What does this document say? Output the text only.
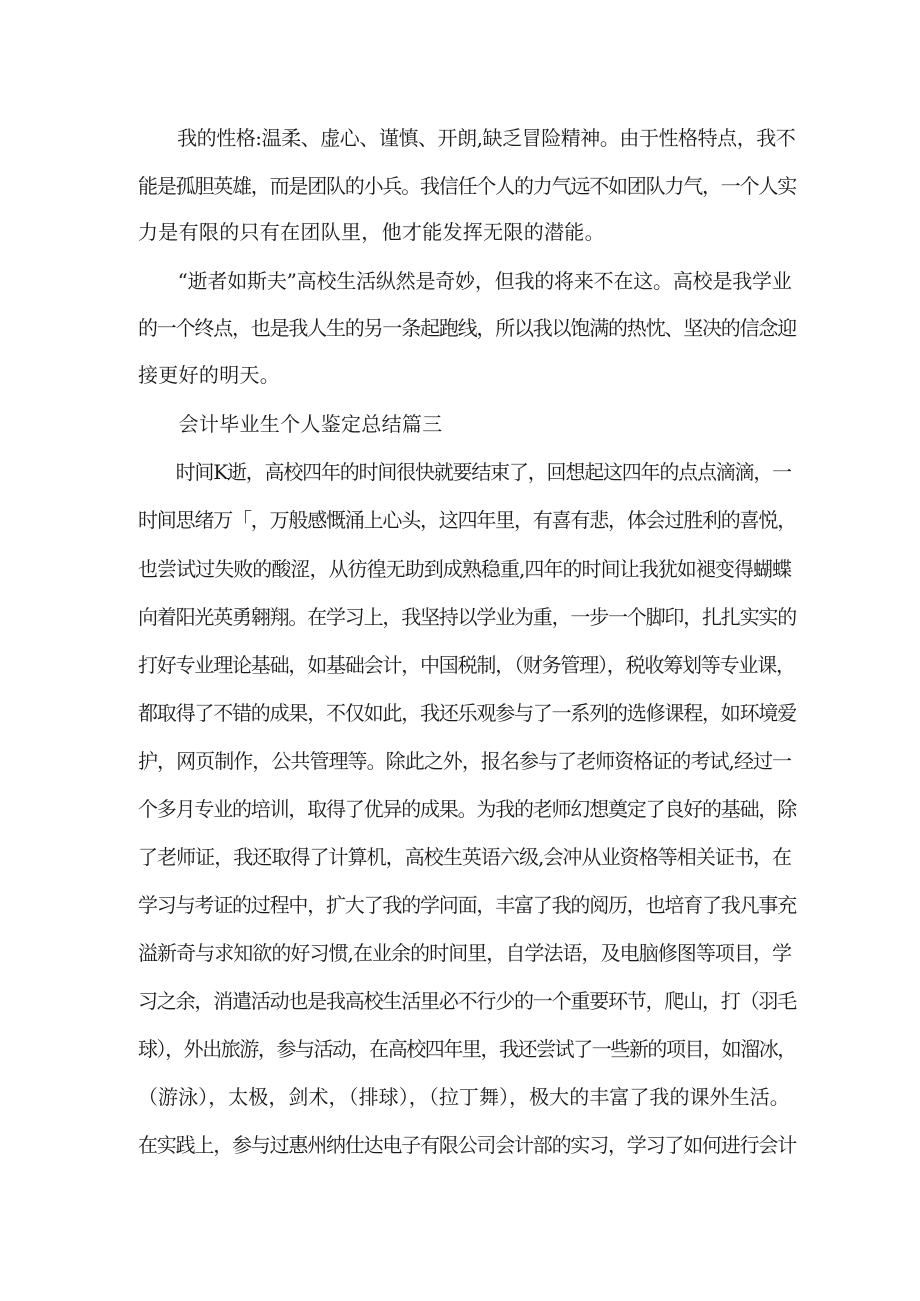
　　我的性格:温柔、虚心、谨慎、开朗,缺乏冒险精神。由于性格特点，我不
能是孤胆英雄，而是团队的小兵。我信任个人的力气远不如团队力气，一个人实
力是有限的只有在团队里，他才能发挥无限的潜能。
　　“逝者如斯夫”高校生活纵然是奇妙，但我的将来不在这。高校是我学业
的一个终点，也是我人生的另一条起跑线，所以我以饱满的热忱、坚决的信念迎
接更好的明天。
　　会计毕业生个人鉴定总结篇三
　　时间K逝，高校四年的时间很快就要结束了，回想起这四年的点点滴滴，一
时间思绪万「，万般感慨涌上心头，这四年里，有喜有悲，体会过胜利的喜悦，
也尝试过失败的酸涩，从彷徨无助到成熟稳重,四年的时间让我犹如褪变得蝴蝶
向着阳光英勇翱翔。在学习上，我坚持以学业为重，一步一个脚印，扎扎实实的
打好专业理论基础，如基础会计，中国税制，（财务管理），税收筹划等专业课，
都取得了不错的成果，不仅如此，我还乐观参与了一系列的选修课程，如环境爱
护，网页制作，公共管理等。除此之外，报名参与了老师资格证的考试,经过一
个多月专业的培训，取得了优异的成果。为我的老师幻想奠定了良好的基础，除
了老师证，我还取得了计算机，高校生英语六级,会冲从业资格等相关证书，在
学习与考证的过程中，扩大了我的学问面，丰富了我的阅历，也培育了我凡事充
溢新奇与求知欲的好习惯,在业余的时间里，自学法语，及电脑修图等项目，学
习之余，消遣活动也是我高校生活里必不行少的一个重要环节，爬山，打（羽毛
球），外出旅游，参与活动，在高校四年里，我还尝试了一些新的项目，如溜冰，
（游泳），太极，剑术，（排球），（拉丁舞），极大的丰富了我的课外生活。
在实践上，参与过惠州纳仕达电子有限公司会计部的实习，学习了如何进行会计
